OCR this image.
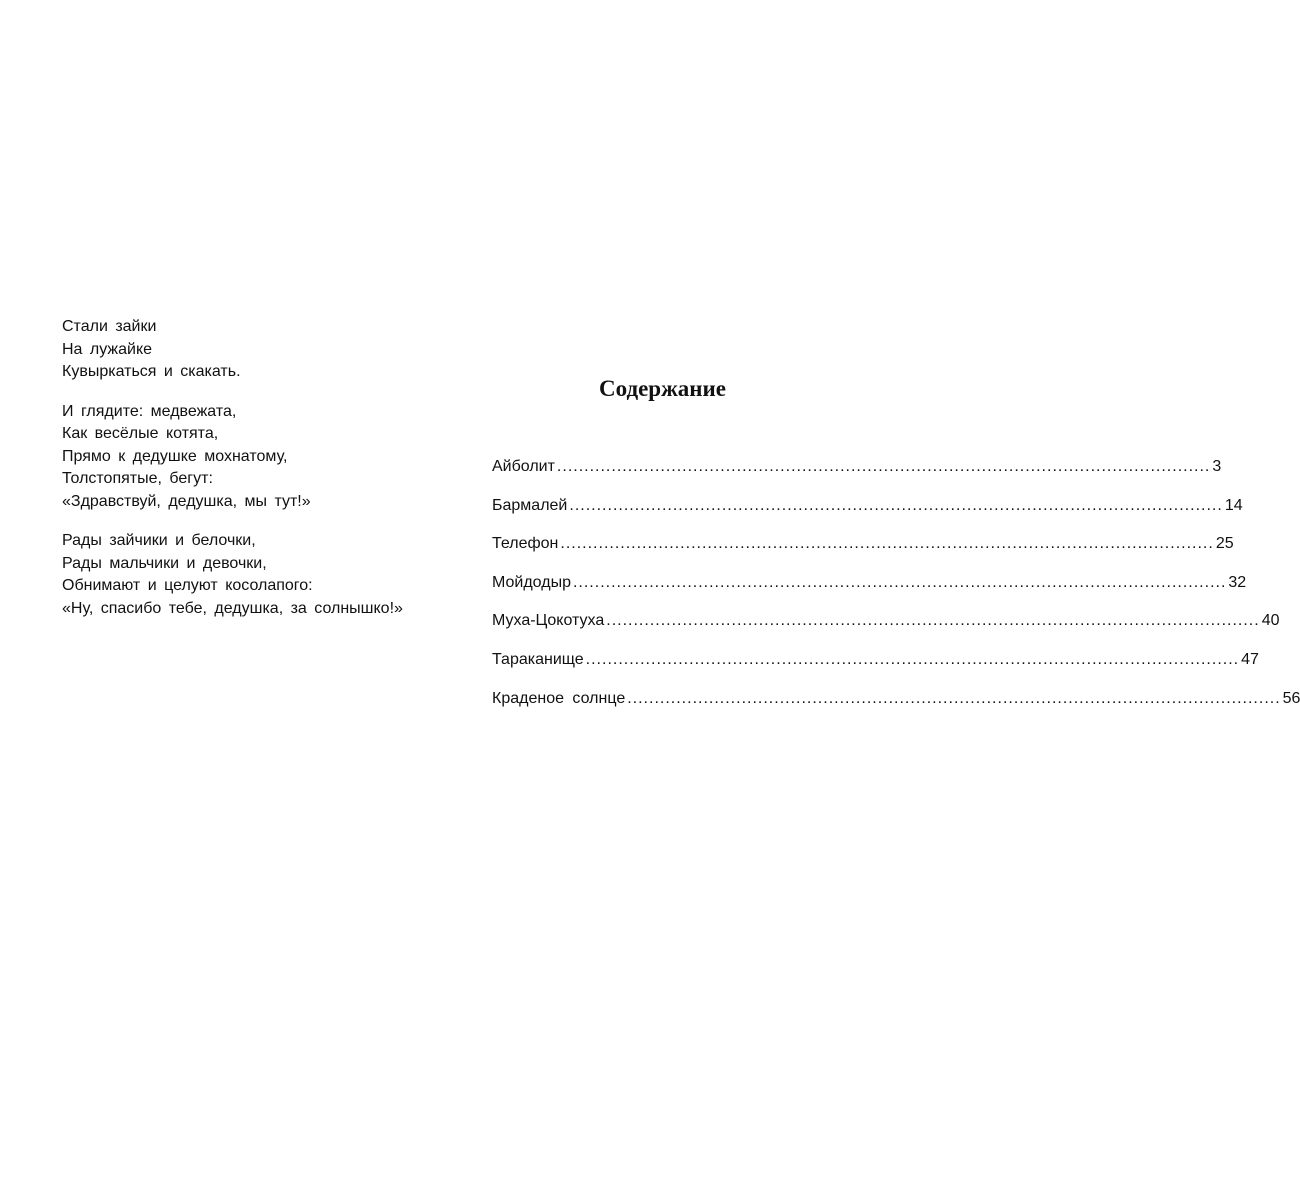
Стали зайки
На лужайке
Кувыркаться и скакать.
И глядите: медвежата,
Как весёлые котята,
Прямо к дедушке мохнатому,
Толстопятые, бегут:
«Здравствуй, дедушка, мы тут!»
Рады зайчики и белочки,
Рады мальчики и девочки,
Обнимают и целуют косолапого:
«Ну, спасибо тебе, дедушка, за солнышко!»
Содержание
Айболит ........................................................................................................................ 3
Бармалей ........................................................................................................................ 14
Телефон ........................................................................................................................ 25
Мойдодыр ........................................................................................................................ 32
Муха-Цокотуха ........................................................................................................................ 40
Тараканище ........................................................................................................................ 47
Краденое солнце ........................................................................................................................ 56
